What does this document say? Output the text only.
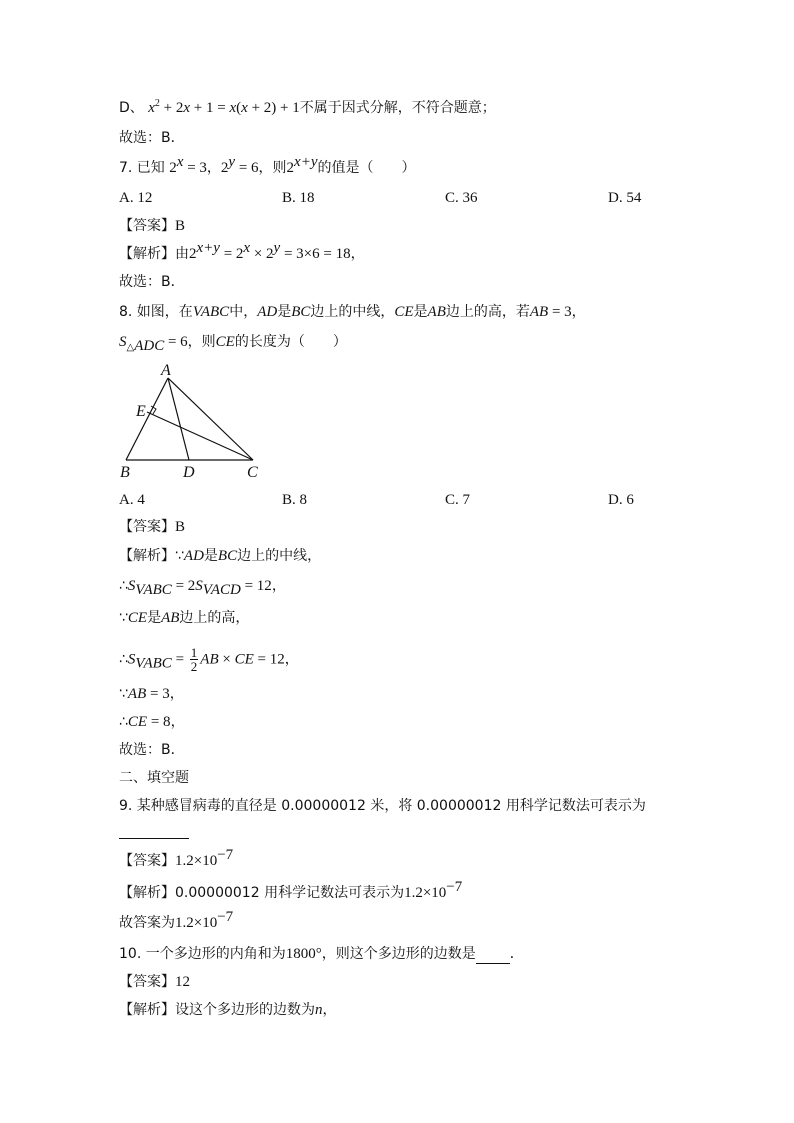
D、 $x^2 + 2x + 1 = x(x + 2) + 1$不属于因式分解，不符合题意；
故选：B．
7. 已知 $2^x = 3$，$2^y = 6$，则$2^{x+y}$的值是（　　）
A. 12	B. 18	C. 36	D. 54
【答案】B
【解析】由$2^{x+y} = 2^x \times 2^y = 3\times 6 = 18$，
故选：B．
8. 如图，在VABC中，AD是BC边上的中线，CE是AB边上的高，若AB = 3，
$S_{\triangle ADC} = 6$，则CE的长度为（　　）
A
E
B	D	C
A. 4	B. 8	C. 7	D. 6
【答案】B
【解析】∵AD是BC边上的中线，
$\therefore S_{VABC} = 2S_{VACD} = 12$，
∵CE是AB边上的高，
$\therefore S_{VABC} = \frac{1}{2}$ AB × CE = 12，
∵AB = 3，
∴CE = 8，
故选：B．
二、填空题
9. 某种感冒病毒的直径是 0.00000012 米，将 0.00000012 用科学记数法可表示为
【答案】$1.2\times 10^{-7}$
【解析】0.00000012 用科学记数法可表示为$1.2\times 10^{-7}$
故答案为$1.2\times 10^{-7}$
10. 一个多边形的内角和为1800°，则这个多边形的边数是 ．
【答案】12
【解析】设这个多边形的边数为n，
